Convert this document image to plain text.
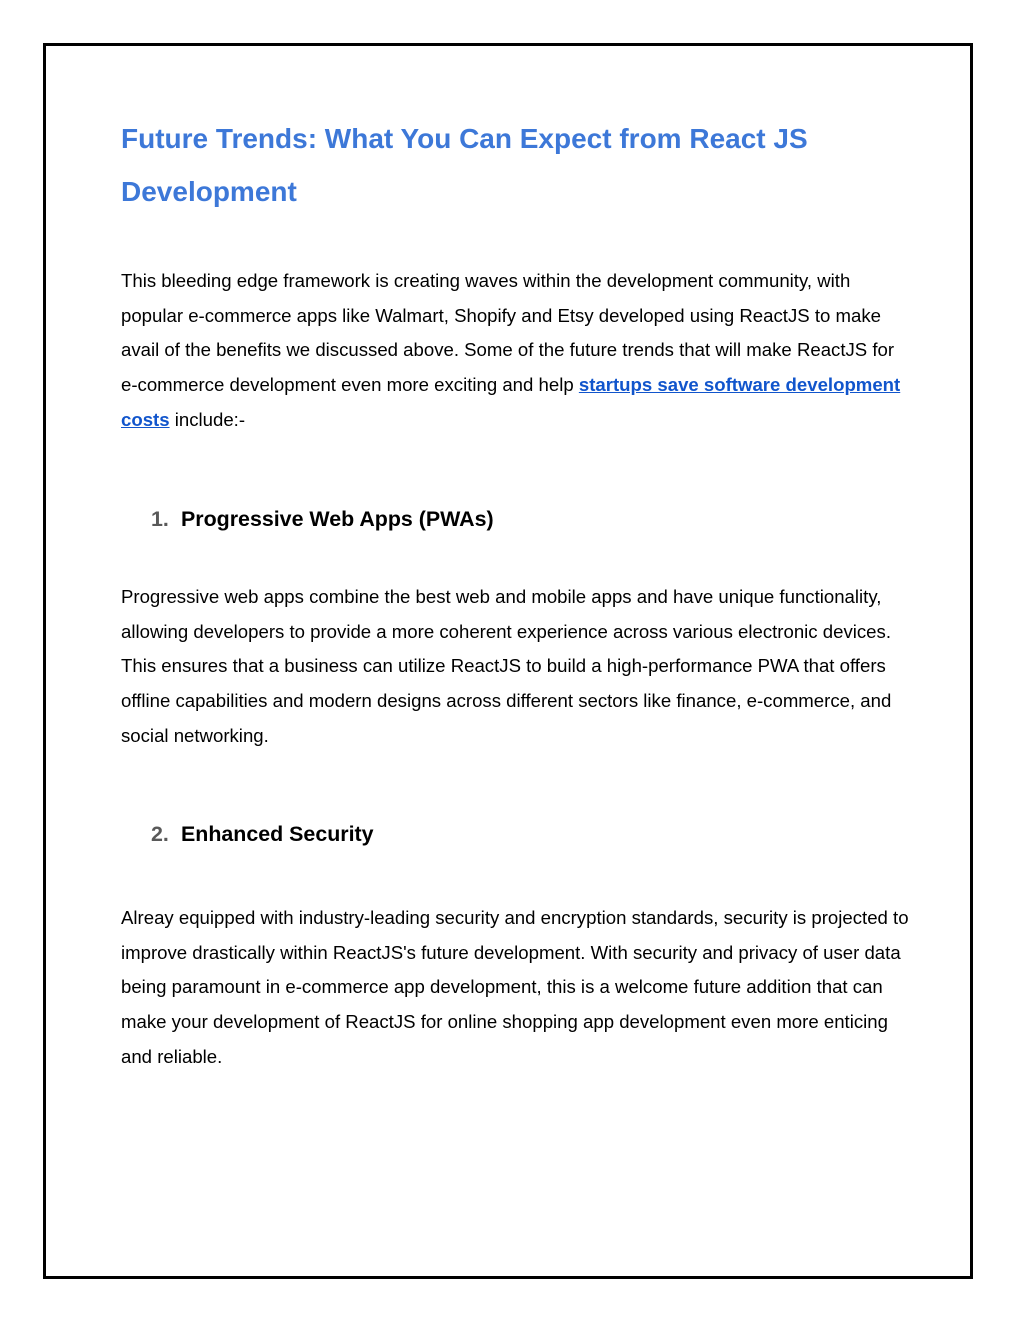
Future Trends: What You Can Expect from React JS Development

This bleeding edge framework is creating waves within the development community, with popular e-commerce apps like Walmart, Shopify and Etsy developed using ReactJS to make avail of the benefits we discussed above. Some of the future trends that will make ReactJS for e-commerce development even more exciting and help startups save software development costs include:-

1. Progressive Web Apps (PWAs)

Progressive web apps combine the best web and mobile apps and have unique functionality, allowing developers to provide a more coherent experience across various electronic devices. This ensures that a business can utilize ReactJS to build a high-performance PWA that offers offline capabilities and modern designs across different sectors like finance, e-commerce, and social networking.

2. Enhanced Security

Alreay equipped with industry-leading security and encryption standards, security is projected to improve drastically within ReactJS's future development. With security and privacy of user data being paramount in e-commerce app development, this is a welcome future addition that can make your development of ReactJS for online shopping app development even more enticing and reliable.
